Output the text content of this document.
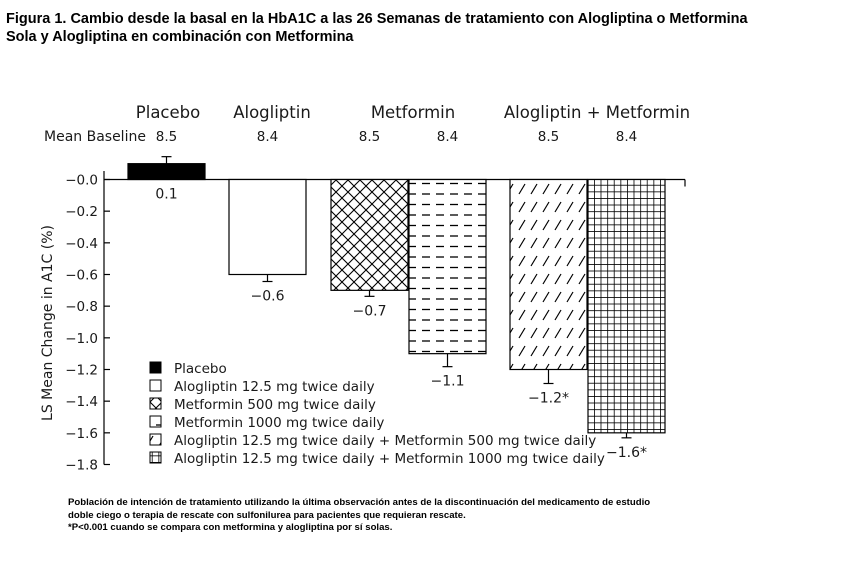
Figura 1. Cambio desde la basal en la HbA1C a las 26 Semanas de tratamiento con Alogliptina o Metformina
Sola y Alogliptina en combinación con Metformina
LS Mean Change in A1C (%)
Mean Baseline
−0.0
−0.2
−0.4
−0.6
−0.8
−1.0
−1.2
−1.4
−1.6
−1.8
Placebo Alogliptin	Metformin	Alogliptin + Metformin
8.5	8.4	8.5	8.4	8.5	8.4
0.1
−0.6
−0.7
−1.1
−1.2*
−1.6*
Placebo
Alogliptin 12.5 mg twice daily
Metformin 500 mg twice daily
Metformin 1000 mg twice daily
Alogliptin 12.5 mg twice daily + Metformin 500 mg twice daily
Alogliptin 12.5 mg twice daily + Metformin 1000 mg twice daily
Población de intención de tratamiento utilizando la última observación antes de la discontinuación del medicamento de estudio
doble ciego o terapia de rescate con sulfonilurea para pacientes que requieran rescate.
*P<0.001 cuando se compara con metformina y alogliptina por sí solas.
